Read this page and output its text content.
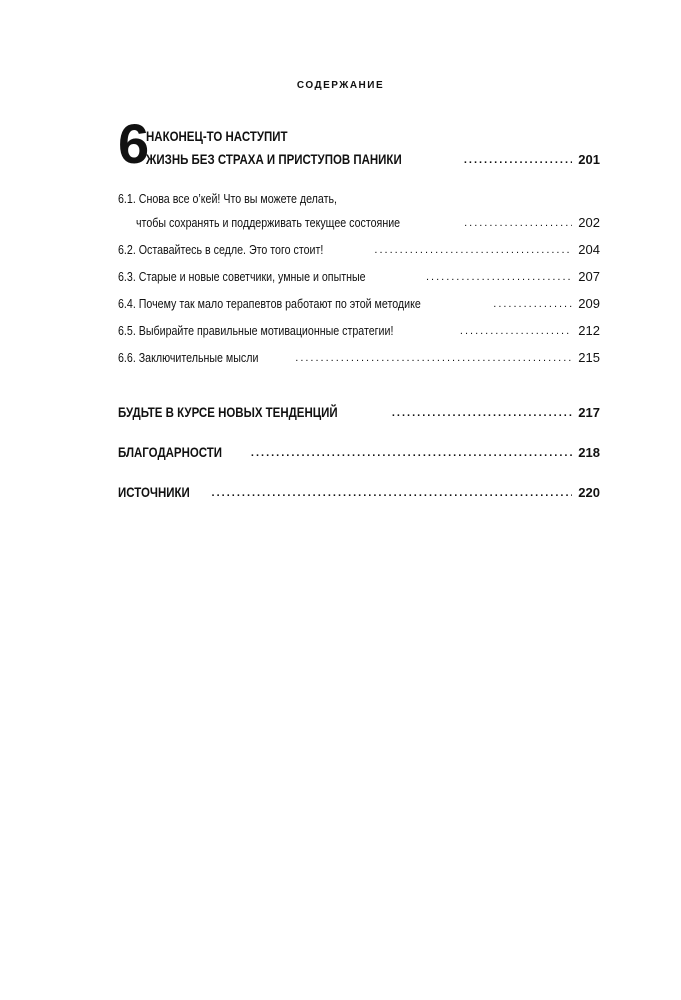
СОДЕРЖАНИЕ
6
НАКОНЕЦ-ТО НАСТУПИТ
ЖИЗНЬ БЕЗ СТРАХА И ПРИСТУПОВ ПАНИКИ .....	201
6.1. Снова все о’кей! Что вы можете делать,
чтобы сохранять и поддерживать текущее состояние .....	202
6.2. Оставайтесь в седле. Это того стоит! .....	204
6.3. Старые и новые советчики, умные и опытные .....	207
6.4. Почему так мало терапевтов работают по этой методике .....	209
6.5. Выбирайте правильные мотивационные стратегии! .....	212
6.6. Заключительные мысли .....	215
БУДЬТЕ В КУРСЕ НОВЫХ ТЕНДЕНЦИЙ .....	217
БЛАГОДАРНОСТИ .....	218
ИСТОЧНИКИ .....	220
